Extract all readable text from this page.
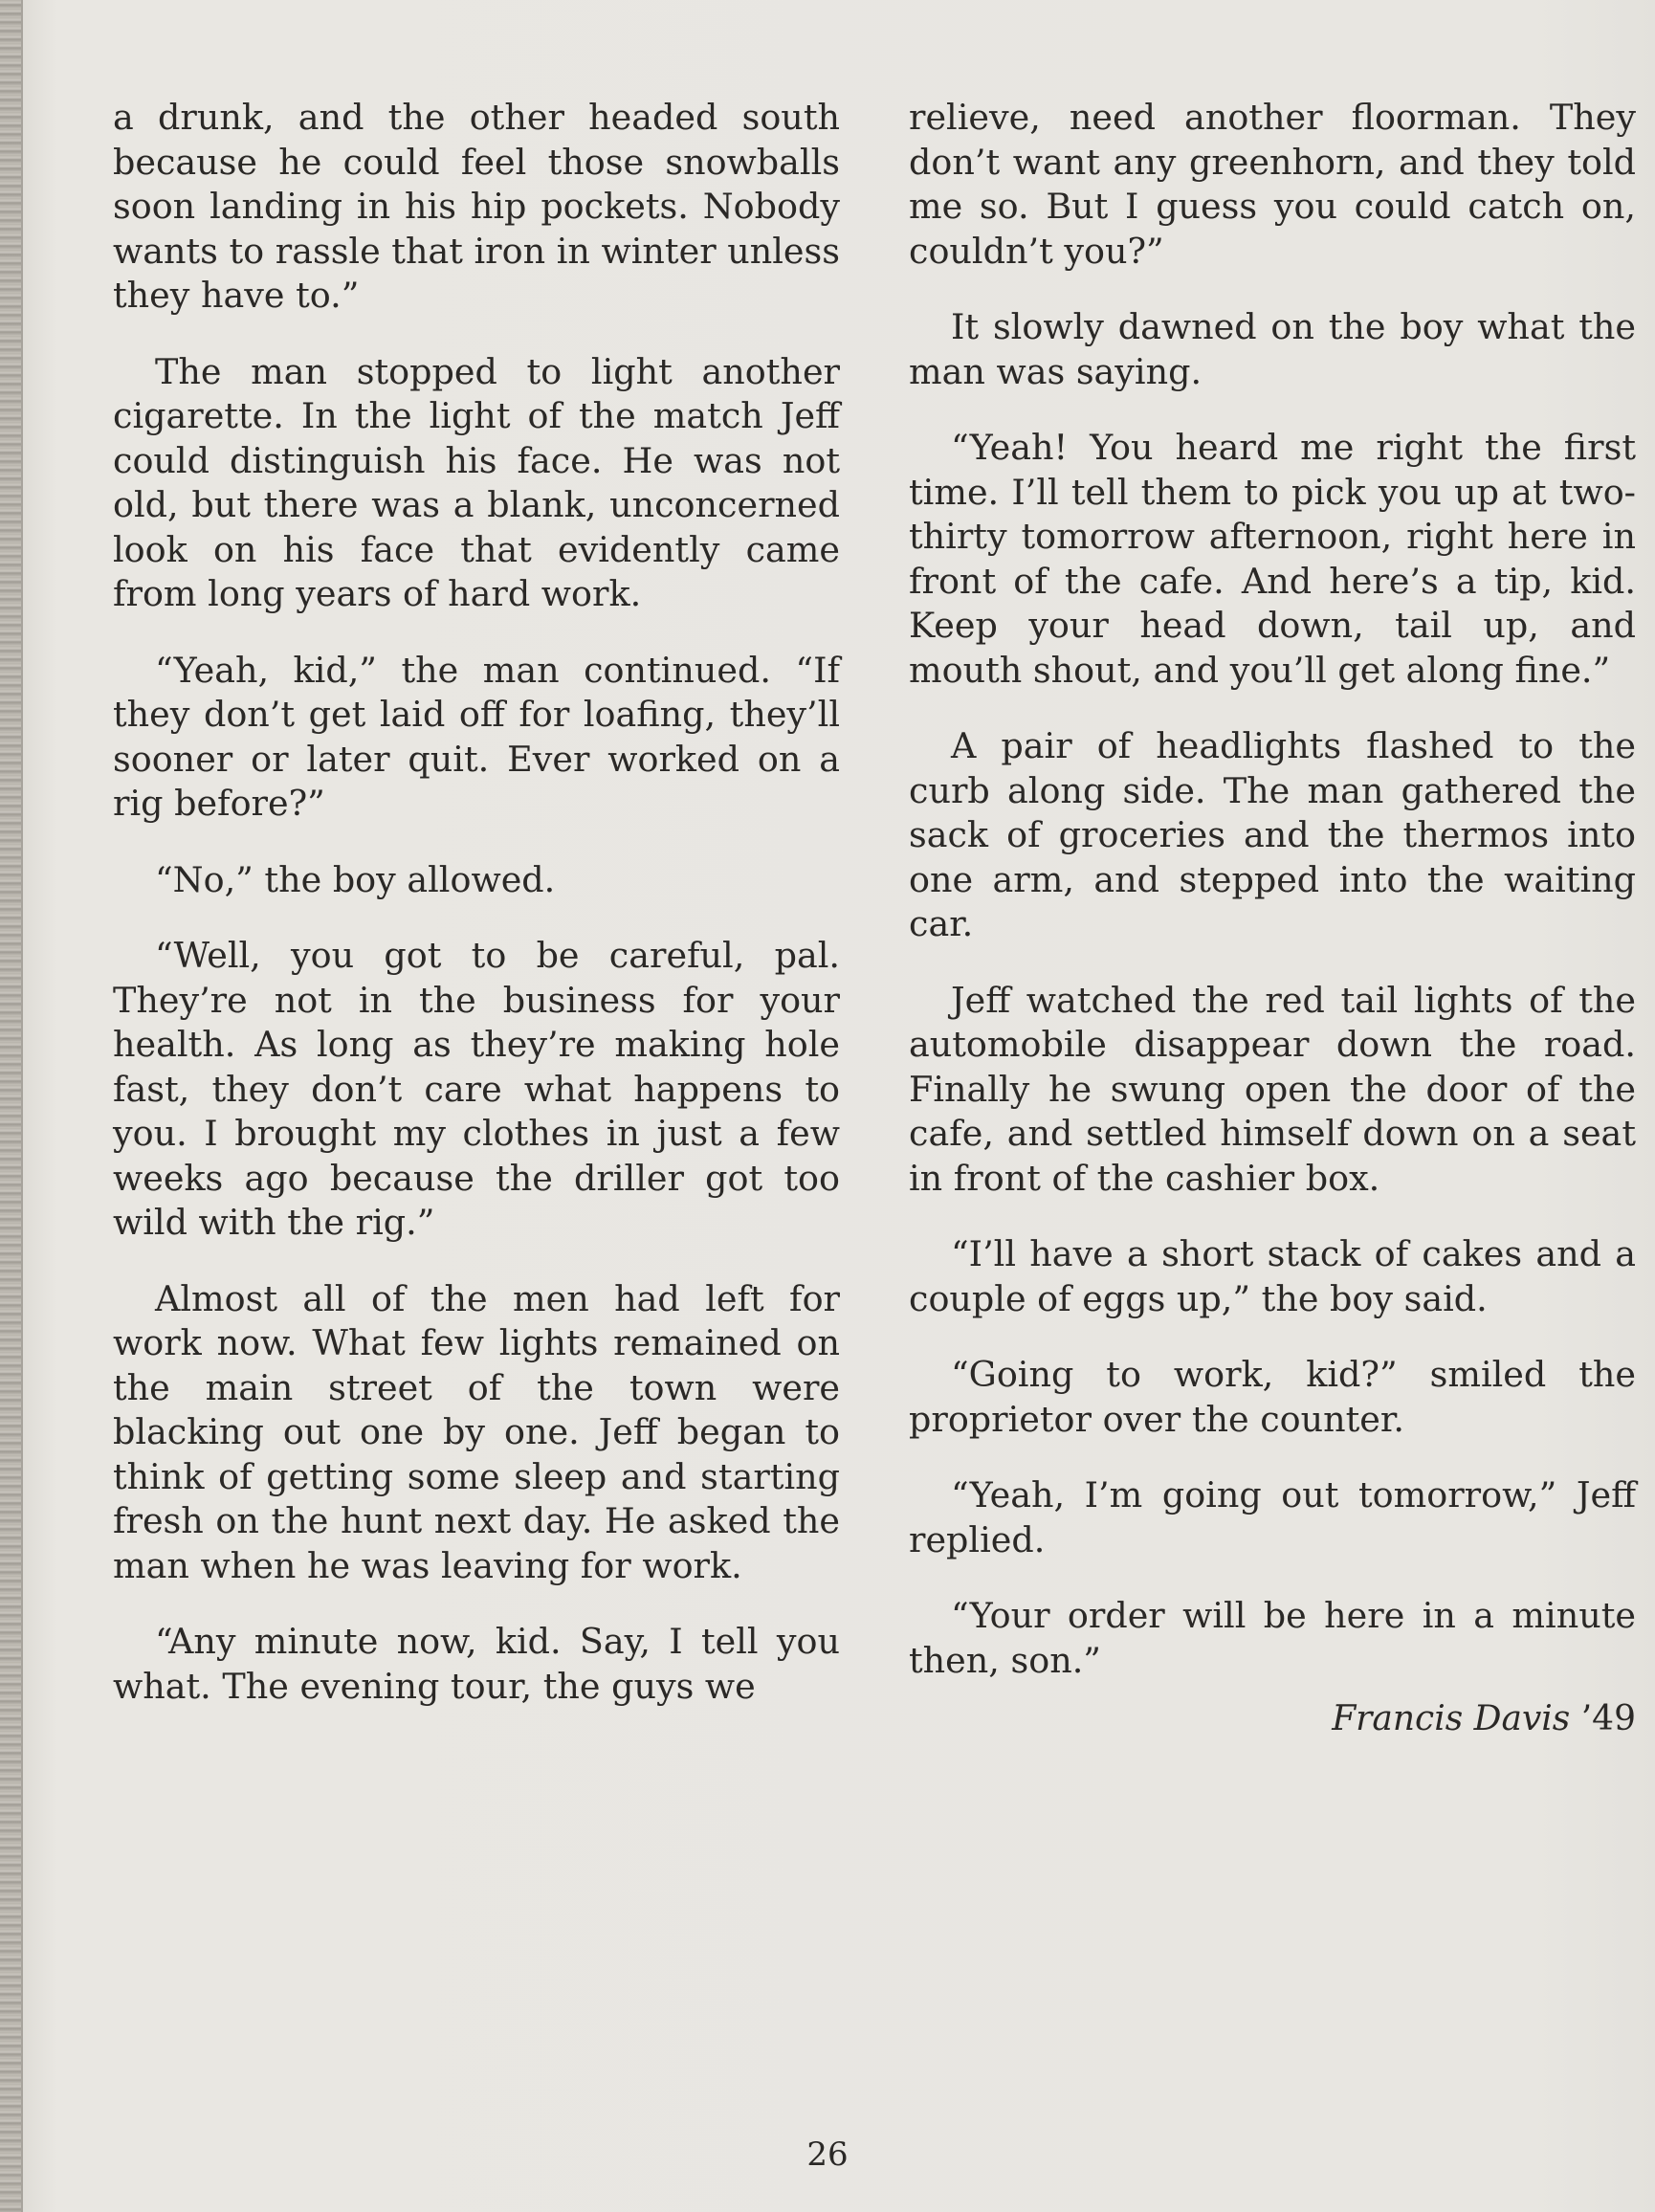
a drunk, and the other headed south because he could feel those snowballs soon landing in his hip pockets. Nobody wants to rassle that iron in winter unless they have to.”

The man stopped to light another cigarette. In the light of the match Jeff could distinguish his face. He was not old, but there was a blank, unconcerned look on his face that evidently came from long years of hard work.

“Yeah, kid,” the man continued. “If they don’t get laid off for loafing, they’ll sooner or later quit. Ever worked on a rig before?”

“No,” the boy allowed.

“Well, you got to be careful, pal. They’re not in the business for your health. As long as they’re making hole fast, they don’t care what happens to you. I brought my clothes in just a few weeks ago because the driller got too wild with the rig.”

Almost all of the men had left for work now. What few lights remained on the main street of the town were blacking out one by one. Jeff began to think of getting some sleep and starting fresh on the hunt next day. He asked the man when he was leaving for work.

“Any minute now, kid. Say, I tell you what. The evening tour, the guys we

relieve, need another floorman. They don’t want any greenhorn, and they told me so. But I guess you could catch on, couldn’t you?”

It slowly dawned on the boy what the man was saying.

“Yeah! You heard me right the first time. I’ll tell them to pick you up at two-thirty tomorrow afternoon, right here in front of the cafe. And here’s a tip, kid. Keep your head down, tail up, and mouth shout, and you’ll get along fine.”

A pair of headlights flashed to the curb along side. The man gathered the sack of groceries and the thermos into one arm, and stepped into the waiting car.

Jeff watched the red tail lights of the automobile disappear down the road. Finally he swung open the door of the cafe, and settled himself down on a seat in front of the cashier box.

“I’ll have a short stack of cakes and a couple of eggs up,” the boy said.

“Going to work, kid?” smiled the proprietor over the counter.

“Yeah, I’m going out tomorrow,” Jeff replied.

“Your order will be here in a minute then, son.”

Francis Davis ’49
26
